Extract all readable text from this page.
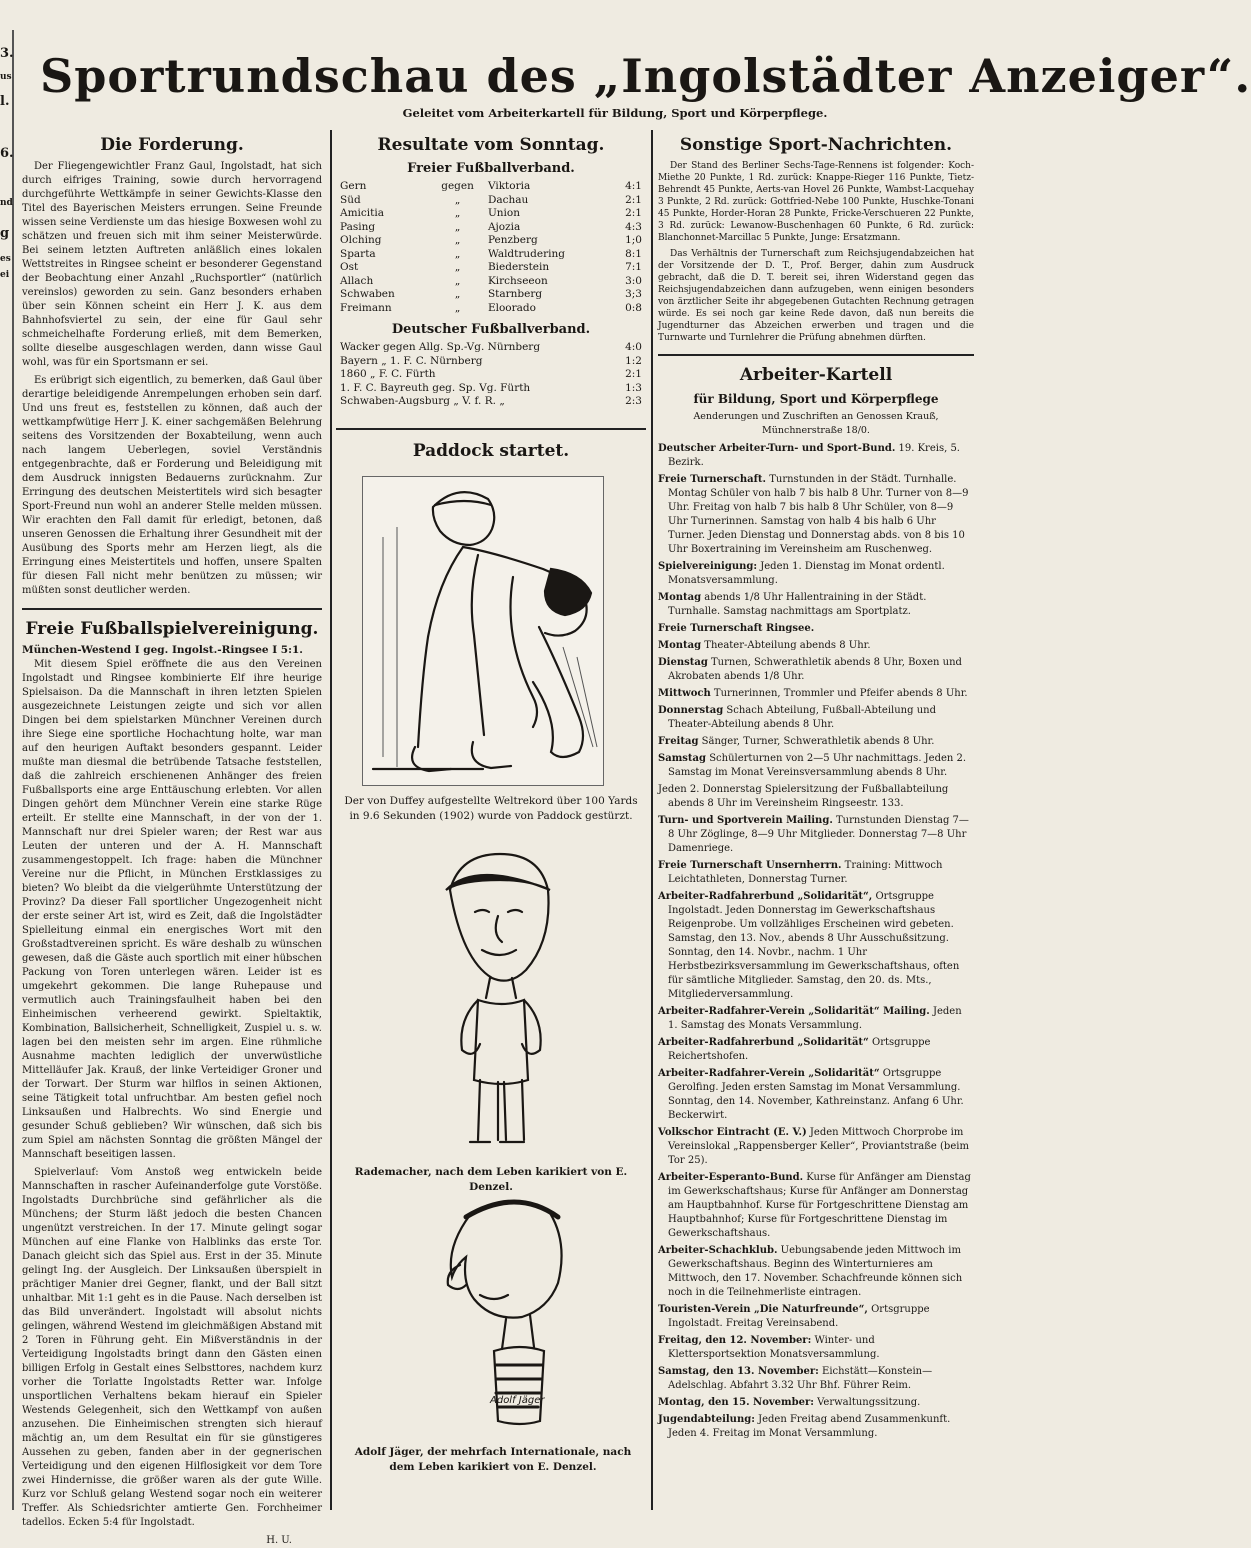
3.
us
l.
6.
nd
g
es
ei
Sportrundschau des „Ingolstädter Anzeiger“.
Geleitet vom Arbeiterkartell für Bildung, Sport und Körperpflege.
Die Forderung.

Der Fliegengewichtler Franz Gaul, Ingolstadt, hat sich durch eifriges Training, sowie durch hervorragend durchgeführte Wettkämpfe in seiner Gewichts-Klasse den Titel des Bayerischen Meisters errungen. Seine Freunde wissen seine Verdienste um das hiesige Boxwesen wohl zu schätzen und freuen sich mit ihm seiner Meisterwürde. Bei seinem letzten Auftreten anläßlich eines lokalen Wettstreites in Ringsee scheint er besonderer Gegenstand der Beobachtung einer Anzahl „Ruchsportler“ (natürlich vereinslos) geworden zu sein. Ganz besonders erhaben über sein Können scheint ein Herr J. K. aus dem Bahnhofsviertel zu sein, der eine für Gaul sehr schmeichelhafte Forderung erließ, mit dem Bemerken, sollte dieselbe ausgeschlagen werden, dann wisse Gaul wohl, was für ein Sportsmann er sei.

Es erübrigt sich eigentlich, zu bemerken, daß Gaul über derartige beleidigende Anrempelungen erhoben sein darf. Und uns freut es, feststellen zu können, daß auch der wettkampfwütige Herr J. K. einer sachgemäßen Belehrung seitens des Vorsitzenden der Boxabteilung, wenn auch nach langem Ueberlegen, soviel Verständnis entgegenbrachte, daß er Forderung und Beleidigung mit dem Ausdruck innigsten Bedauerns zurücknahm. Zur Erringung des deutschen Meistertitels wird sich besagter Sport-Freund nun wohl an anderer Stelle melden müssen. Wir erachten den Fall damit für erledigt, betonen, daß unseren Genossen die Erhaltung ihrer Gesundheit mit der Ausübung des Sports mehr am Herzen liegt, als die Erringung eines Meistertitels und hoffen, unsere Spalten für diesen Fall nicht mehr benützen zu müssen; wir müßten sonst deutlicher werden.

Freie Fußballspielvereinigung.
München-Westend I geg. Ingolst.-Ringsee I 5:1.

Mit diesem Spiel eröffnete die aus den Vereinen Ingolstadt und Ringsee kombinierte Elf ihre heurige Spielsaison. Da die Mannschaft in ihren letzten Spielen ausgezeichnete Leistungen zeigte und sich vor allen Dingen bei dem spielstarken Münchner Vereinen durch ihre Siege eine sportliche Hochachtung holte, war man auf den heurigen Auftakt besonders gespannt. Leider mußte man diesmal die betrübende Tatsache feststellen, daß die zahlreich erschienenen Anhänger des freien Fußballsports eine arge Enttäuschung erlebten. Vor allen Dingen gehört dem Münchner Verein eine starke Rüge erteilt. Er stellte eine Mannschaft, in der von der 1. Mannschaft nur drei Spieler waren; der Rest war aus Leuten der unteren und der A. H. Mannschaft zusammengestoppelt. Ich frage: haben die Münchner Vereine nur die Pflicht, in München Erstklassiges zu bieten? Wo bleibt da die vielgerühmte Unterstützung der Provinz? Da dieser Fall sportlicher Ungezogenheit nicht der erste seiner Art ist, wird es Zeit, daß die Ingolstädter Spielleitung einmal ein energisches Wort mit den Großstadtvereinen spricht. Es wäre deshalb zu wünschen gewesen, daß die Gäste auch sportlich mit einer hübschen Packung von Toren unterlegen wären. Leider ist es umgekehrt gekommen. Die lange Ruhepause und vermutlich auch Trainingsfaulheit haben bei den Einheimischen verheerend gewirkt. Spieltaktik, Kombination, Ballsicherheit, Schnelligkeit, Zuspiel u. s. w. lagen bei den meisten sehr im argen. Eine rühmliche Ausnahme machten lediglich der unverwüstliche Mittelläufer Jak. Krauß, der linke Verteidiger Groner und der Torwart. Der Sturm war hilflos in seinen Aktionen, seine Tätigkeit total unfruchtbar. Am besten gefiel noch Linksaußen und Halbrechts. Wo sind Energie und gesunder Schuß geblieben? Wir wünschen, daß sich bis zum Spiel am nächsten Sonntag die größten Mängel der Mannschaft beseitigen lassen.

Spielverlauf: Vom Anstoß weg entwickeln beide Mannschaften in rascher Aufeinanderfolge gute Vorstöße. Ingolstadts Durchbrüche sind gefährlicher als die Münchens; der Sturm läßt jedoch die besten Chancen ungenützt verstreichen. In der 17. Minute gelingt sogar München auf eine Flanke von Halblinks das erste Tor. Danach gleicht sich das Spiel aus. Erst in der 35. Minute gelingt Ing. der Ausgleich. Der Linksaußen überspielt in prächtiger Manier drei Gegner, flankt, und der Ball sitzt unhaltbar. Mit 1:1 geht es in die Pause. Nach derselben ist das Bild unverändert. Ingolstadt will absolut nichts gelingen, während Westend im gleichmäßigen Abstand mit 2 Toren in Führung geht. Ein Mißverständnis in der Verteidigung Ingolstadts bringt dann den Gästen einen billigen Erfolg in Gestalt eines Selbsttores, nachdem kurz vorher die Torlatte Ingolstadts Retter war. Infolge unsportlichen Verhaltens bekam hierauf ein Spieler Westends Gelegenheit, sich den Wettkampf von außen anzusehen. Die Einheimischen strengten sich hierauf mächtig an, um dem Resultat ein für sie günstigeres Aussehen zu geben, fanden aber in der gegnerischen Verteidigung und den eigenen Hilflosigkeit vor dem Tore zwei Hindernisse, die größer waren als der gute Wille. Kurz vor Schluß gelang Westend sogar noch ein weiterer Treffer. Als Schiedsrichter amtierte Gen. Forchheimer tadellos. Ecken 5:4 für Ingolstadt.

H. U.
Resultate vom Sonntag.
Freier Fußballverband.
Gern	gegen	Viktoria	4:1
Süd	„	Dachau	2:1
Amicitia	„	Union	2:1
Pasing	„	Ajozia	4:3
Olching	„	Penzberg	1;0
Sparta	„	Waldtrudering	8:1
Ost	„	Biederstein	7:1
Allach	„	Kirchseeon	3:0
Schwaben	„	Starnberg	3;3
Freimann	„	Eloorado	0:8
Deutscher Fußballverband.
Wacker gegen Allg. Sp.-Vg. Nürnberg	4:0
Bayern „ 1. F. C. Nürnberg	1:2
1860 „ F. C. Fürth	2:1
1. F. C. Bayreuth geg. Sp. Vg. Fürth	1:3
Schwaben-Augsburg „ V. f. R. „	2:3
Paddock startet.
Der von Duffey aufgestellte Weltrekord über 100 Yards in 9.6 Sekunden (1902) wurde von Paddock gestürzt.
Rademacher, nach dem Leben karikiert von E. Denzel.
Adolf Jäger
Adolf Jäger, der mehrfach Internationale, nach dem Leben karikiert von E. Denzel.
Sonstige Sport-Nachrichten.

Der Stand des Berliner Sechs-Tage-Rennens ist folgender: Koch-Miethe 20 Punkte, 1 Rd. zurück: Knappe-Rieger 116 Punkte, Tietz-Behrendt 45 Punkte, Aerts-van Hovel 26 Punkte, Wambst-Lacquehay 3 Punkte, 2 Rd. zurück: Gottfried-Nebe 100 Punkte, Huschke-Tonani 45 Punkte, Horder-Horan 28 Punkte, Fricke-Verschueren 22 Punkte, 3 Rd. zurück: Lewanow-Buschenhagen 60 Punkte, 6 Rd. zurück: Blanchonnet-Marcillac 5 Punkte, Junge: Ersatzmann.

Das Verhältnis der Turnerschaft zum Reichsjugendabzeichen hat der Vorsitzende der D. T., Prof. Berger, dahin zum Ausdruck gebracht, daß die D. T. bereit sei, ihren Widerstand gegen das Reichsjugendabzeichen dann aufzugeben, wenn einigen besonders von ärztlicher Seite ihr abgegebenen Gutachten Rechnung getragen würde. Es sei noch gar keine Rede davon, daß nun bereits die Jugendturner das Abzeichen erwerben und tragen und die Turnwarte und Turnlehrer die Prüfung abnehmen dürften.

Arbeiter-Kartell
für Bildung, Sport und Körperpflege

Aenderungen und Zuschriften an Genossen Krauß, Münchnerstraße 18/0.

Deutscher Arbeiter-Turn- und Sport-Bund. 19. Kreis, 5. Bezirk.

Freie Turnerschaft. Turnstunden in der Städt. Turnhalle. Montag Schüler von halb 7 bis halb 8 Uhr. Turner von 8—9 Uhr. Freitag von halb 7 bis halb 8 Uhr Schüler, von 8—9 Uhr Turnerinnen. Samstag von halb 4 bis halb 6 Uhr Turner. Jeden Dienstag und Donnerstag abds. von 8 bis 10 Uhr Boxertraining im Vereinsheim am Ruschenweg.

Spielvereinigung: Jeden 1. Dienstag im Monat ordentl. Monatsversammlung.

Montag abends 1/8 Uhr Hallentraining in der Städt. Turnhalle. Samstag nachmittags am Sportplatz.

Freie Turnerschaft Ringsee.

Montag Theater-Abteilung abends 8 Uhr.

Dienstag Turnen, Schwerathletik abends 8 Uhr, Boxen und Akrobaten abends 1/8 Uhr.

Mittwoch Turnerinnen, Trommler und Pfeifer abends 8 Uhr.

Donnerstag Schach Abteilung, Fußball-Abteilung und Theater-Abteilung abends 8 Uhr.

Freitag Sänger, Turner, Schwerathletik abends 8 Uhr.

Samstag Schülerturnen von 2—5 Uhr nachmittags. Jeden 2. Samstag im Monat Vereinsversammlung abends 8 Uhr.

Jeden 2. Donnerstag Spielersitzung der Fußballabteilung abends 8 Uhr im Vereinsheim Ringseestr. 133.

Turn- und Sportverein Mailing. Turnstunden Dienstag 7—8 Uhr Zöglinge, 8—9 Uhr Mitglieder. Donnerstag 7—8 Uhr Damenriege.

Freie Turnerschaft Unsernherrn. Training: Mittwoch Leichtathleten, Donnerstag Turner.

Arbeiter-Radfahrerbund „Solidarität“, Ortsgruppe Ingolstadt. Jeden Donnerstag im Gewerkschaftshaus Reigenprobe. Um vollzähliges Erscheinen wird gebeten. Samstag, den 13. Nov., abends 8 Uhr Ausschußsitzung. Sonntag, den 14. Novbr., nachm. 1 Uhr Herbstbezirksversammlung im Gewerkschaftshaus, often für sämtliche Mitglieder. Samstag, den 20. ds. Mts., Mitgliederversammlung.

Arbeiter-Radfahrer-Verein „Solidarität“ Mailing. Jeden 1. Samstag des Monats Versammlung.

Arbeiter-Radfahrerbund „Solidarität“ Ortsgruppe Reichertshofen.

Arbeiter-Radfahrer-Verein „Solidarität“ Ortsgruppe Gerolfing. Jeden ersten Samstag im Monat Versammlung. Sonntag, den 14. November, Kathreinstanz. Anfang 6 Uhr. Beckerwirt.

Volkschor Eintracht (E. V.) Jeden Mittwoch Chorprobe im Vereinslokal „Rappensberger Keller“, Proviantstraße (beim Tor 25).

Arbeiter-Esperanto-Bund. Kurse für Anfänger am Dienstag im Gewerkschaftshaus; Kurse für Anfänger am Donnerstag am Hauptbahnhof. Kurse für Fortgeschrittene Dienstag am Hauptbahnhof; Kurse für Fortgeschrittene Dienstag im Gewerkschaftshaus.

Arbeiter-Schachklub. Uebungsabende jeden Mittwoch im Gewerkschaftshaus. Beginn des Winterturnieres am Mittwoch, den 17. November. Schachfreunde können sich noch in die Teilnehmerliste eintragen.

Touristen-Verein „Die Naturfreunde“, Ortsgruppe Ingolstadt. Freitag Vereinsabend.

Freitag, den 12. November: Winter- und Klettersportsektion Monatsversammlung.

Samstag, den 13. November: Eichstätt—Konstein—Adelschlag. Abfahrt 3.32 Uhr Bhf. Führer Reim.

Montag, den 15. November: Verwaltungssitzung.

Jugendabteilung: Jeden Freitag abend Zusammenkunft. Jeden 4. Freitag im Monat Versammlung.
